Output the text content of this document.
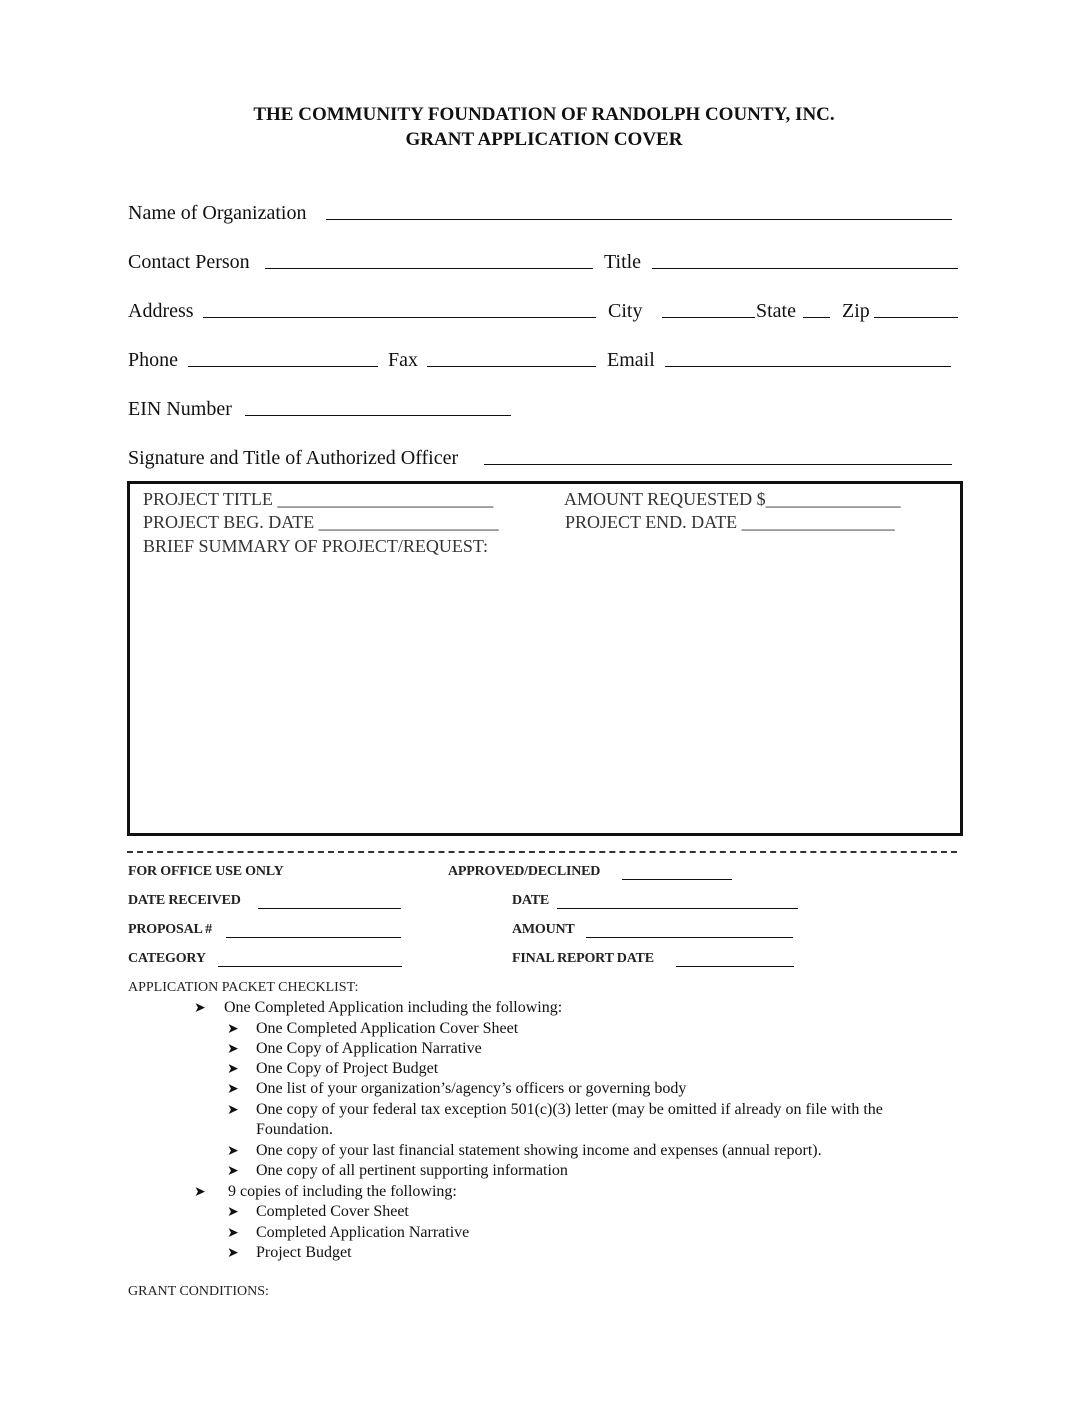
THE COMMUNITY FOUNDATION OF RANDOLPH COUNTY, INC.
GRANT APPLICATION COVER
Name of Organization
Contact Person	Title
Address	City	State Zip
Phone	Fax	Email
EIN Number
Signature and Title of Authorized Officer
PROJECT TITLE ________________________	AMOUNT REQUESTED $_______________
PROJECT BEG. DATE ____________________	PROJECT END. DATE _________________
BRIEF SUMMARY OF PROJECT/REQUEST:
FOR OFFICE USE ONLY	APPROVED/DECLINED
DATE RECEIVED	DATE
PROPOSAL #	AMOUNT
CATEGORY	FINAL REPORT DATE
APPLICATION PACKET CHECKLIST:
➤ One Completed Application including the following:
➤ One Completed Application Cover Sheet
➤ One Copy of Application Narrative
➤ One Copy of Project Budget
➤ One list of your organization’s/agency’s officers or governing body
➤ One copy of your federal tax exception 501(c)(3) letter (may be omitted if already on file with the
Foundation.
➤ One copy of your last financial statement showing income and expenses (annual report).
➤ One copy of all pertinent supporting information
➤ 9 copies of including the following:
➤ Completed Cover Sheet
➤ Completed Application Narrative
➤ Project Budget
GRANT CONDITIONS:
